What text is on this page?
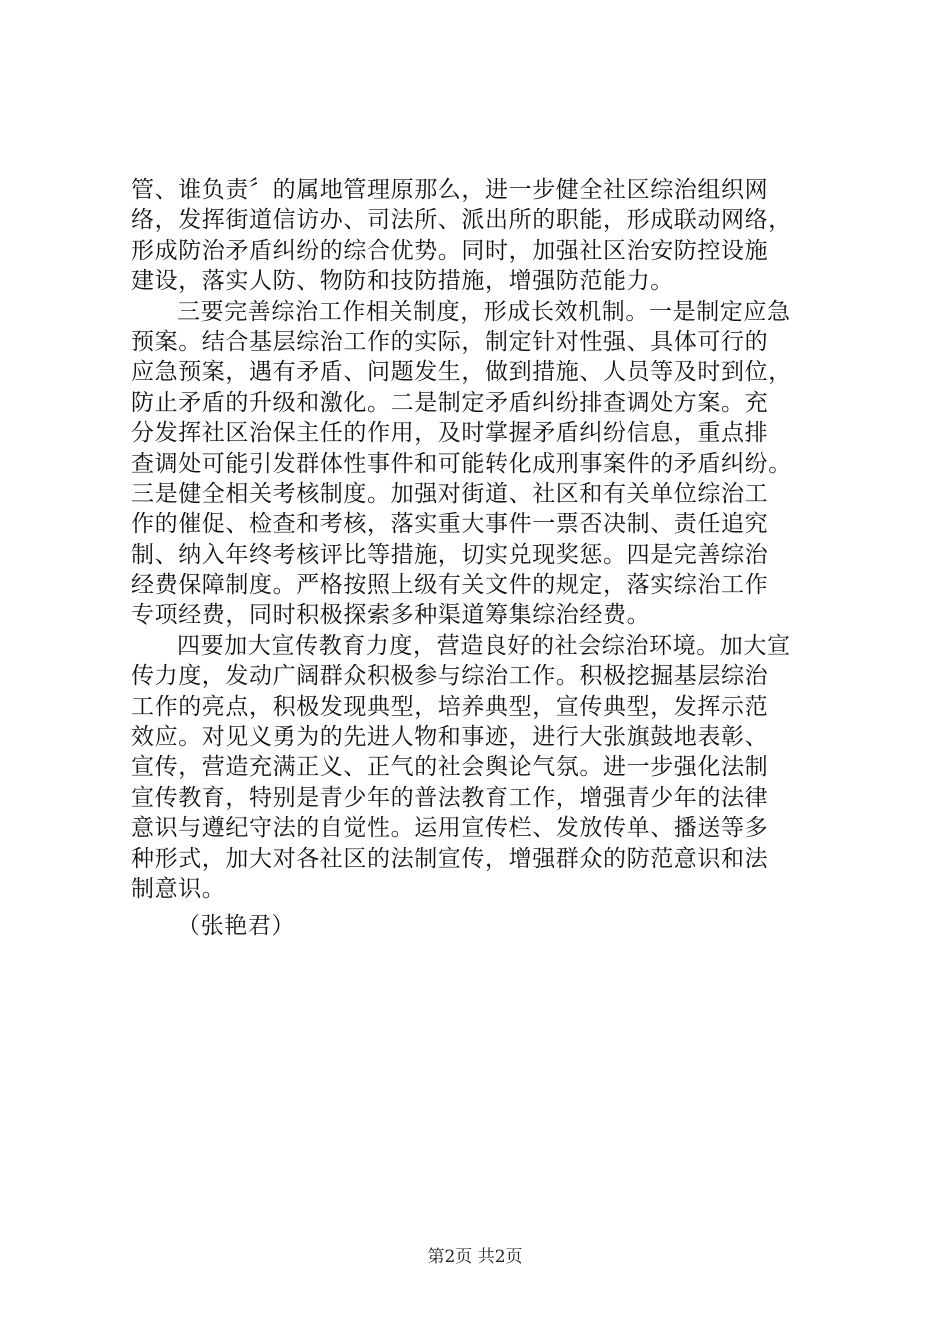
管、谁负责〞的属地管理原那么，进一步健全社区综治组织网
络，发挥街道信访办、司法所、派出所的职能，形成联动网络，
形成防治矛盾纠纷的综合优势。同时，加强社区治安防控设施
建设，落实人防、物防和技防措施，增强防范能力。
三要完善综治工作相关制度，形成长效机制。一是制定应急
预案。结合基层综治工作的实际，制定针对性强、具体可行的
应急预案，遇有矛盾、问题发生，做到措施、人员等及时到位，
防止矛盾的升级和激化。二是制定矛盾纠纷排查调处方案。充
分发挥社区治保主任的作用，及时掌握矛盾纠纷信息，重点排
查调处可能引发群体性事件和可能转化成刑事案件的矛盾纠纷。
三是健全相关考核制度。加强对街道、社区和有关单位综治工
作的催促、检查和考核，落实重大事件一票否决制、责任追究
制、纳入年终考核评比等措施，切实兑现奖惩。四是完善综治
经费保障制度。严格按照上级有关文件的规定，落实综治工作
专项经费，同时积极探索多种渠道筹集综治经费。
四要加大宣传教育力度，营造良好的社会综治环境。加大宣
传力度，发动广阔群众积极参与综治工作。积极挖掘基层综治
工作的亮点，积极发现典型，培养典型，宣传典型，发挥示范
效应。对见义勇为的先进人物和事迹，进行大张旗鼓地表彰、
宣传，营造充满正义、正气的社会舆论气氛。进一步强化法制
宣传教育，特别是青少年的普法教育工作，增强青少年的法律
意识与遵纪守法的自觉性。运用宣传栏、发放传单、播送等多
种形式，加大对各社区的法制宣传，增强群众的防范意识和法
制意识。
（张艳君）
第2页 共2页
